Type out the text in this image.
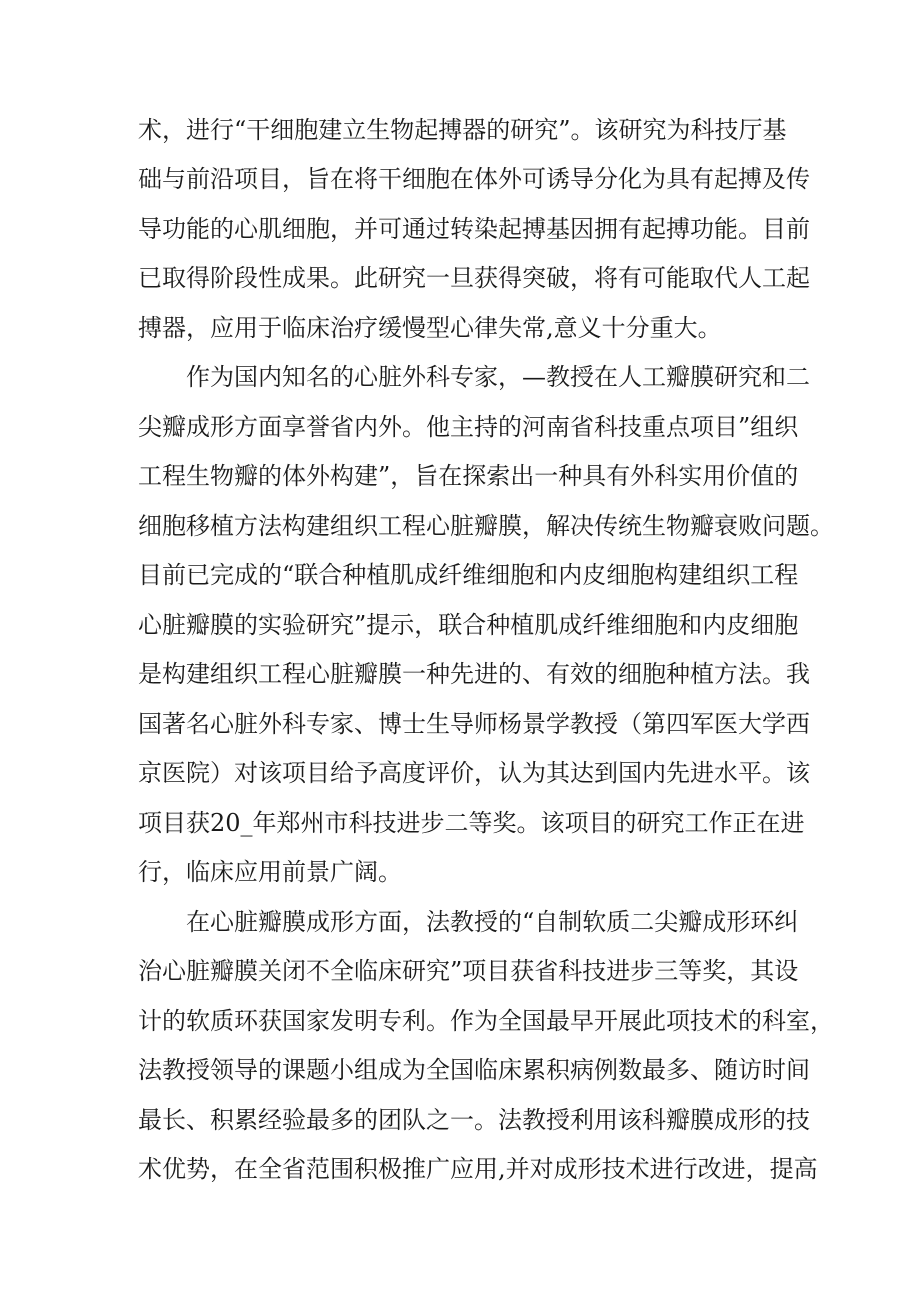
术，进行“干细胞建立生物起搏器的研究”。该研究为科技厅基
础与前沿项目，旨在将干细胞在体外可诱导分化为具有起搏及传
导功能的心肌细胞，并可通过转染起搏基因拥有起搏功能。目前
已取得阶段性成果。此研究一旦获得突破，将有可能取代人工起
搏器，应用于临床治疗缓慢型心律失常,意义十分重大。
作为国内知名的心脏外科专家，—教授在人工瓣膜研究和二
尖瓣成形方面享誉省内外。他主持的河南省科技重点项目”组织
工程生物瓣的体外构建”，旨在探索出一种具有外科实用价值的
细胞移植方法构建组织工程心脏瓣膜，解决传统生物瓣衰败问题。
目前已完成的“联合种植肌成纤维细胞和内皮细胞构建组织工程
心脏瓣膜的实验研究”提示，联合种植肌成纤维细胞和内皮细胞
是构建组织工程心脏瓣膜一种先进的、有效的细胞种植方法。我
国著名心脏外科专家、博士生导师杨景学教授（第四军医大学西
京医院）对该项目给予高度评价，认为其达到国内先进水平。该
项目获20_年郑州市科技进步二等奖。该项目的研究工作正在进
行，临床应用前景广阔。
在心脏瓣膜成形方面，法教授的“自制软质二尖瓣成形环纠
治心脏瓣膜关闭不全临床研究”项目获省科技进步三等奖，其设
计的软质环获国家发明专利。作为全国最早开展此项技术的科室，
法教授领导的课题小组成为全国临床累积病例数最多、随访时间
最长、积累经验最多的团队之一。法教授利用该科瓣膜成形的技
术优势，在全省范围积极推广应用,并对成形技术进行改进，提高
